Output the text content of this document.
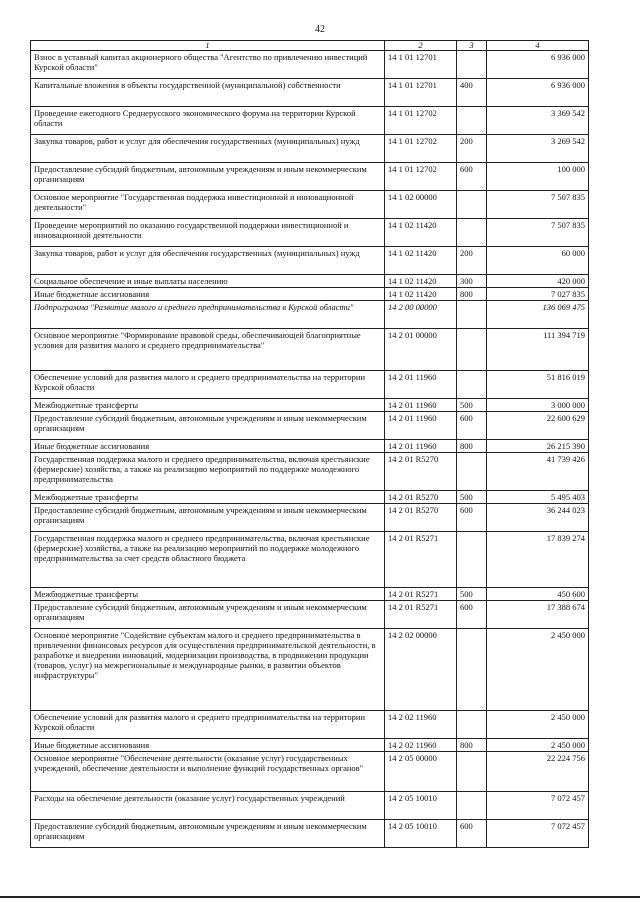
42
1	2	3	4
Взнос в уставный капитал акционерного общества "Агентство по привлечению инвестиций Курской области"	14 1 01 12701		6 936 000
Капитальные вложения в объекты государственной (муниципальной) собственности	14 1 01 12701	400	6 936 000
Проведение ежегодного Среднерусского экономического форума на территории Курской области	14 1 01 12702		3 369 542
Закупка товаров, работ и услуг для обеспечения государственных (муниципальных) нужд	14 1 01 12702	200	3 269 542
Предоставление субсидий бюджетным, автономным учреждениям и иным некоммерческим организациям	14 1 01 12702	600	100 000
Основное мероприятие "Государственная поддержка инвестиционной и инновационной деятельности"	14 1 02 00000		7 507 835
Проведение мероприятий по оказанию государственной поддержки инвестиционной и инновационной деятельности	14 1 02 11420		7 507 835
Закупка товаров, работ и услуг для обеспечения государственных (муниципальных) нужд	14 1 02 11420	200	60 000
Социальное обеспечение и иные выплаты населению	14 1 02 11420	300	420 000
Иные бюджетные ассигнования	14 1 02 11420	800	7 027 835
Подпрограмма "Развитие малого и среднего предпринимательства в Курской области"	14 2 00 00000		136 069 475
Основное мероприятие "Формирование правовой среды, обеспечивающей благоприятные условия для развития малого и среднего предпринимательства"	14 2 01 00000		111 394 719
Обеспечение условий для развития малого и среднего предпринимательства на территории Курской области	14 2 01 11960		51 816 019
Межбюджетные трансферты	14 2 01 11960	500	3 000 000
Предоставление субсидий бюджетным, автономным учреждениям и иным некоммерческим организациям	14 2 01 11960	600	22 600 629
Иные бюджетные ассигнования	14 2 01 11960	800	26 215 390
Государственная поддержка малого и среднего предпринимательства, включая крестьянские (фермерские) хозяйства, а также на реализацию мероприятий по поддержке молодежного предпринимательства	14 2 01 R5270		41 739 426
Межбюджетные трансферты	14 2 01 R5270	500	5 495 403
Предоставление субсидий бюджетным, автономным учреждениям и иным некоммерческим организациям	14 2 01 R5270	600	36 244 023
Государственная поддержка малого и среднего предпринимательства, включая крестьянские (фермерские) хозяйства, а также на реализацию мероприятий по поддержке молодежного предпринимательства за счет средств областного бюджета	14 2 01 R5271		17 839 274
Межбюджетные трансферты	14 2 01 R5271	500	450 600
Предоставление субсидий бюджетным, автономным учреждениям и иным некоммерческим организациям	14 2 01 R5271	600	17 388 674
Основное мероприятие "Содействие субъектам малого и среднего предпринимательства в привлечении финансовых ресурсов для осуществления предпринимательской деятельности, в разработке и внедрении инноваций, модернизации производства, в продвижении продукции (товаров, услуг) на межрегиональные и международные рынки, в развитии объектов инфраструктуры"	14 2 02 00000		2 450 000
Обеспечение условий для развития малого и среднего предпринимательства на территории Курской области	14 2 02 11960		2 450 000
Иные бюджетные ассигнования	14 2 02 11960	800	2 450 000
Основное мероприятие "Обеспечение деятельности (оказание услуг) государственных учреждений, обеспечение деятельности и выполнение функций государственных органов"	14 2 05 00000		22 224 756
Расходы на обеспечение деятельности (оказание услуг) государственных учреждений	14 2 05 10010		7 072 457
Предоставление субсидий бюджетным, автономным учреждениям и иным некоммерческим организациям	14 2 05 10010	600	7 072 457
